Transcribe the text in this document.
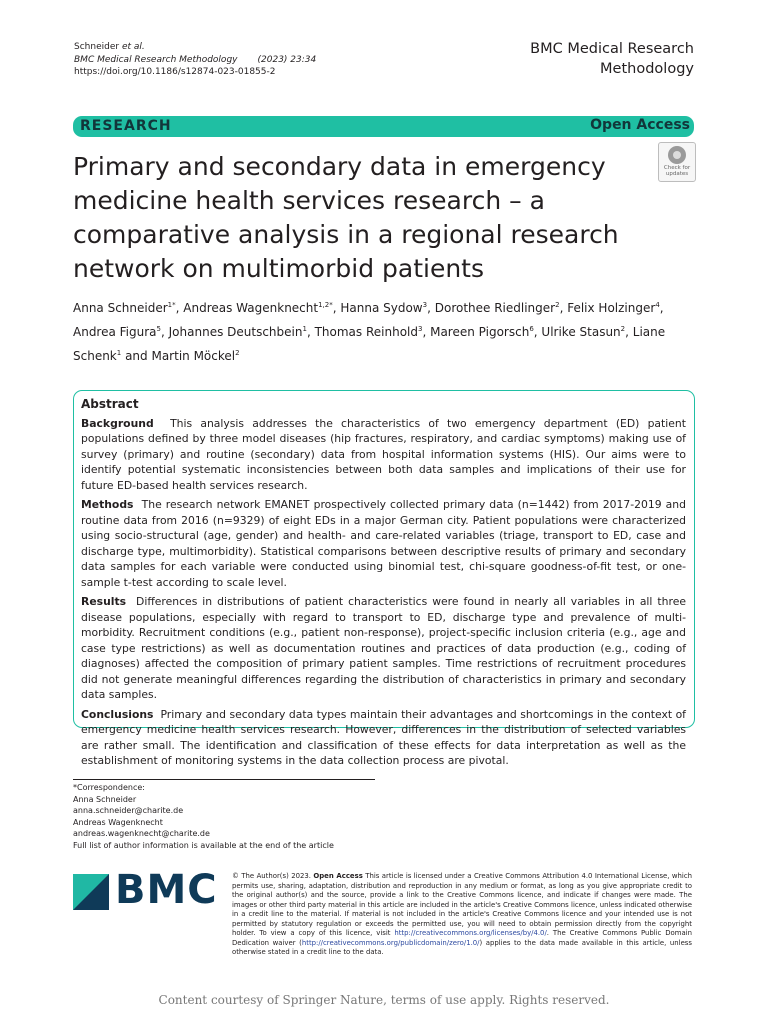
Schneider et al.
BMC Medical Research Methodology (2023) 23:34
https://doi.org/10.1186/s12874-023-01855-2
BMC Medical Research
Methodology
RESEARCH	Open Access
Primary and secondary data in emergency medicine health services research – a comparative analysis in a regional research network on multimorbid patients
Check for
updates
Anna Schneider$^{1*}$, Andreas Wagenknecht$^{1,2*}$, Hanna Sydow$^3$, Dorothee Riedlinger$^2$, Felix Holzinger$^4$, Andrea Figura$^5$, Johannes Deutschbein$^1$, Thomas Reinhold$^3$, Mareen Pigorsch$^6$, Ulrike Stasun$^2$, Liane Schenk$^1$ and Martin Möckel$^2$
Abstract

Background This analysis addresses the characteristics of two emergency department (ED) patient populations defined by three model diseases (hip fractures, respiratory, and cardiac symptoms) making use of survey (primary) and routine (secondary) data from hospital information systems (HIS). Our aims were to identify potential systematic inconsistencies between both data samples and implications of their use for future ED-based health services research.

Methods The research network EMANET prospectively collected primary data (n=1442) from 2017-2019 and routine data from 2016 (n=9329) of eight EDs in a major German city. Patient populations were characterized using socio-structural (age, gender) and health- and care-related variables (triage, transport to ED, case and discharge type, multimorbidity). Statistical comparisons between descriptive results of primary and secondary data samples for each variable were conducted using binomial test, chi-square goodness-of-fit test, or one-sample t-test according to scale level.

Results Differences in distributions of patient characteristics were found in nearly all variables in all three disease populations, especially with regard to transport to ED, discharge type and prevalence of multi-morbidity. Recruitment conditions (e.g., patient non-response), project-specific inclusion criteria (e.g., age and case type restrictions) as well as documentation routines and practices of data production (e.g., coding of diagnoses) affected the composition of primary patient samples. Time restrictions of recruitment procedures did not generate meaningful differences regarding the distribution of characteristics in primary and secondary data samples.

Conclusions Primary and secondary data types maintain their advantages and shortcomings in the context of emergency medicine health services research. However, differences in the distribution of selected variables are rather small. The identification and classification of these effects for data interpretation as well as the establishment of monitoring systems in the data collection process are pivotal.

*Correspondence:
Anna Schneider
anna.schneider@charite.de
Andreas Wagenknecht
andreas.wagenknecht@charite.de
Full list of author information is available at the end of the article
BMC © The Author(s) 2023. Open Access This article is licensed under a Creative Commons Attribution 4.0 International License, which permits use, sharing, adaptation, distribution and reproduction in any medium or format, as long as you give appropriate credit to the original author(s) and the source, provide a link to the Creative Commons licence, and indicate if changes were made. The images or other third party material in this article are included in the article's Creative Commons licence, unless indicated otherwise in a credit line to the material. If material is not included in the article's Creative Commons licence and your intended use is not permitted by statutory regulation or exceeds the permitted use, you will need to obtain permission directly from the copyright holder. To view a copy of this licence, visit http://creativecommons.org/licenses/by/4.0/. The Creative Commons Public Domain Dedication waiver (http://creativecommons.org/publicdomain/zero/1.0/) applies to the data made available in this article, unless otherwise stated in a credit line to the data.
Content courtesy of Springer Nature, terms of use apply. Rights reserved.
